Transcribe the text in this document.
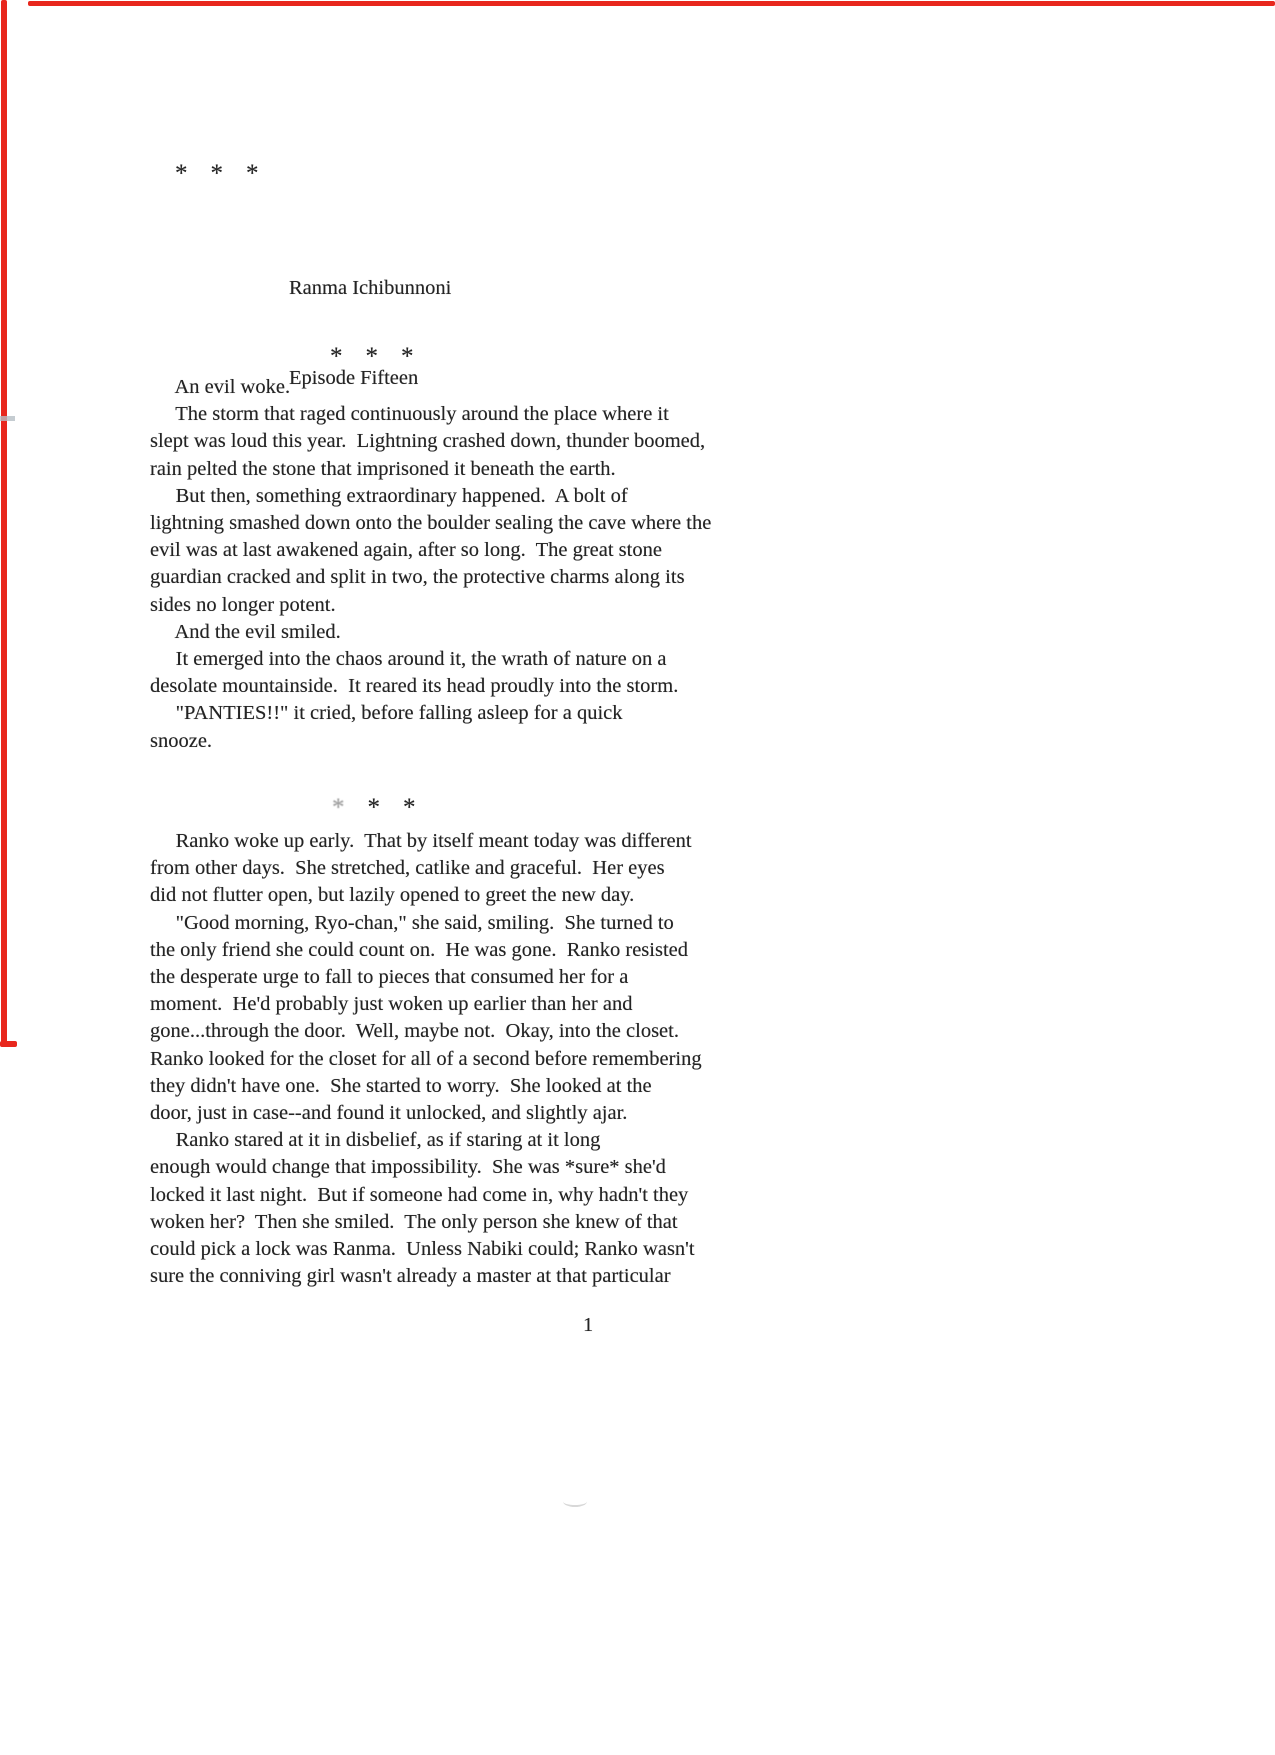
* * *

Ranma Ichibunnoni

Episode Fifteen

* * *

An evil woke.
The storm that raged continuously around the place where it
slept was loud this year.  Lightning crashed down, thunder boomed,
rain pelted the stone that imprisoned it beneath the earth.
But then, something extraordinary happened.  A bolt of
lightning smashed down onto the boulder sealing the cave where the
evil was at last awakened again, after so long.  The great stone
guardian cracked and split in two, the protective charms along its
sides no longer potent.
And the evil smiled.
It emerged into the chaos around it, the wrath of nature on a
desolate mountainside.  It reared its head proudly into the storm.
"PANTIES!!" it cried, before falling asleep for a quick
snooze.

* * *

Ranko woke up early.  That by itself meant today was different
from other days.  She stretched, catlike and graceful.  Her eyes
did not flutter open, but lazily opened to greet the new day.
"Good morning, Ryo-chan," she said, smiling.  She turned to
the only friend she could count on.  He was gone.  Ranko resisted
the desperate urge to fall to pieces that consumed her for a
moment.  He'd probably just woken up earlier than her and
gone...through the door.  Well, maybe not.  Okay, into the closet.
Ranko looked for the closet for all of a second before remembering
they didn't have one.  She started to worry.  She looked at the
door, just in case--and found it unlocked, and slightly ajar.
Ranko stared at it in disbelief, as if staring at it long
enough would change that impossibility.  She was *sure* she'd
locked it last night.  But if someone had come in, why hadn't they
woken her?  Then she smiled.  The only person she knew of that
could pick a lock was Ranma.  Unless Nabiki could; Ranko wasn't
sure the conniving girl wasn't already a master at that particular
1
